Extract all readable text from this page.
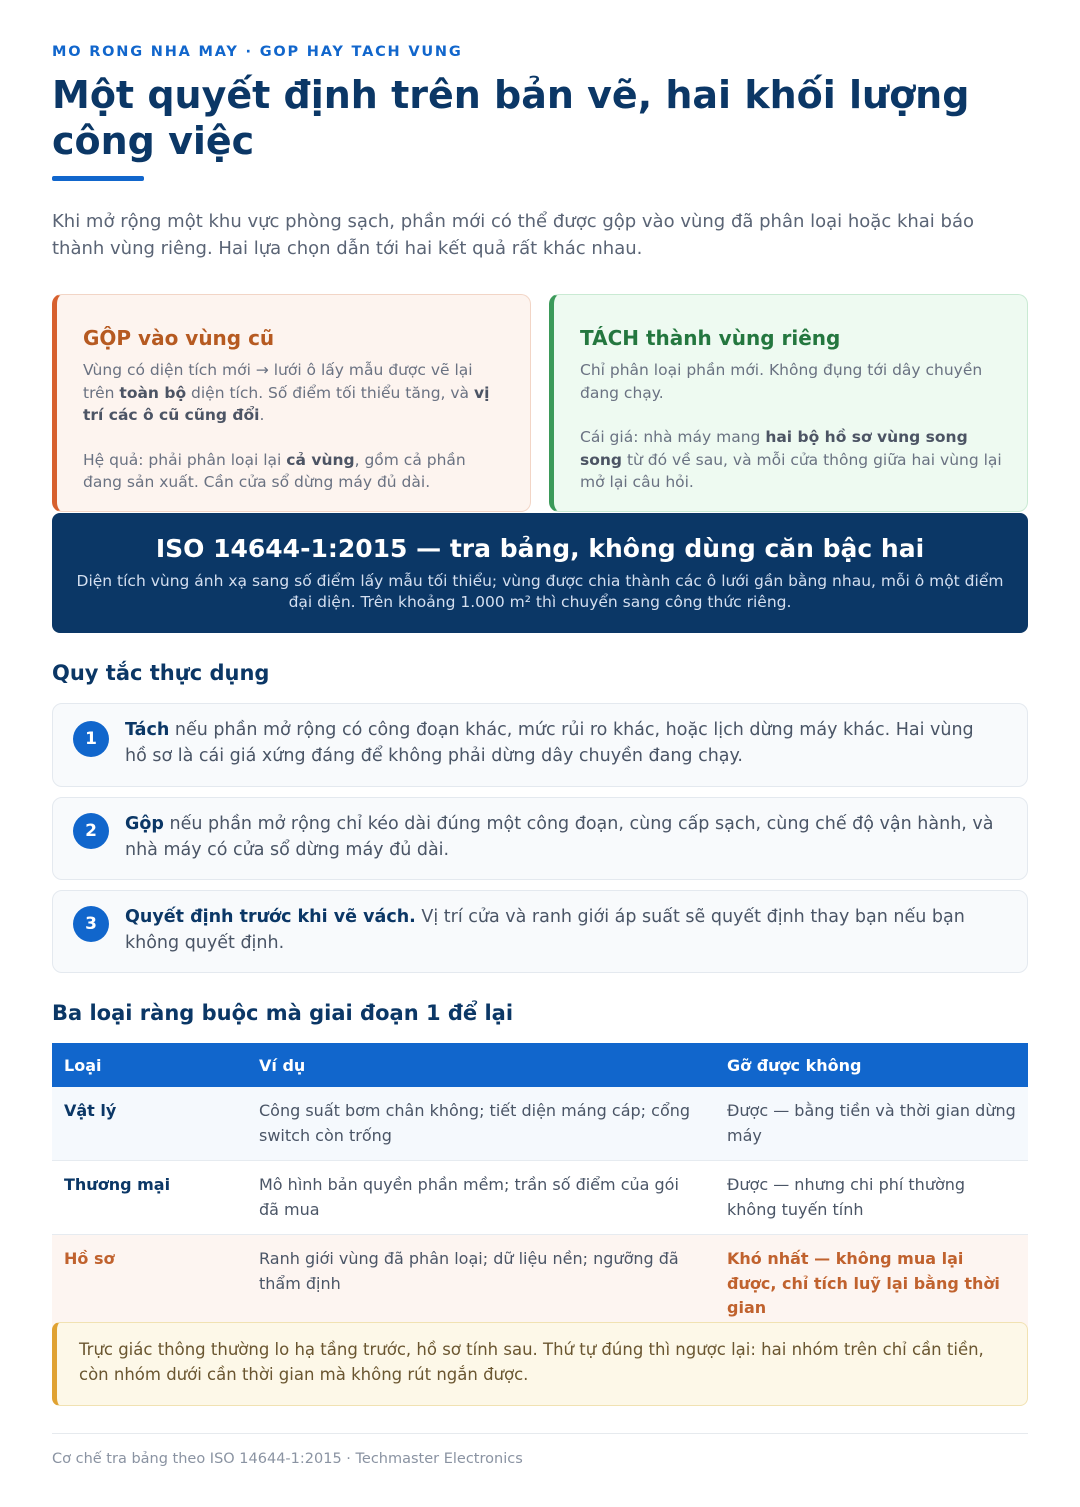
MO RONG NHA MAY · GOP HAY TACH VUNG
Một quyết định trên bản vẽ, hai khối lượng công việc

Khi mở rộng một khu vực phòng sạch, phần mới có thể được gộp vào vùng đã phân loại hoặc khai báo thành vùng riêng. Hai lựa chọn dẫn tới hai kết quả rất khác nhau.

GỘP vào vùng cũ

Vùng có diện tích mới → lưới ô lấy mẫu được vẽ lại trên toàn bộ diện tích. Số điểm tối thiểu tăng, và vị trí các ô cũ cũng đổi.

Hệ quả: phải phân loại lại cả vùng, gồm cả phần đang sản xuất. Cần cửa sổ dừng máy đủ dài.

TÁCH thành vùng riêng

Chỉ phân loại phần mới. Không đụng tới dây chuyền đang chạy.

Cái giá: nhà máy mang hai bộ hồ sơ vùng song song từ đó về sau, và mỗi cửa thông giữa hai vùng lại mở lại câu hỏi.

ISO 14644-1:2015 — tra bảng, không dùng căn bậc hai

Diện tích vùng ánh xạ sang số điểm lấy mẫu tối thiểu; vùng được chia thành các ô lưới gần bằng nhau, mỗi ô một điểm đại diện. Trên khoảng 1.000 m² thì chuyển sang công thức riêng.

Quy tắc thực dụng
1	Tách nếu phần mở rộng có công đoạn khác, mức rủi ro khác, hoặc lịch dừng máy khác. Hai vùng hồ sơ là cái giá xứng đáng để không phải dừng dây chuyền đang chạy.

2	Gộp nếu phần mở rộng chỉ kéo dài đúng một công đoạn, cùng cấp sạch, cùng chế độ vận hành, và nhà máy có cửa sổ dừng máy đủ dài.

3	Quyết định trước khi vẽ vách. Vị trí cửa và ranh giới áp suất sẽ quyết định thay bạn nếu bạn không quyết định.

Ba loại ràng buộc mà giai đoạn 1 để lại
Loại	Ví dụ	Gỡ được không
Vật lý	Công suất bơm chân không; tiết diện máng cáp; cổng switch còn trống	Được — bằng tiền và thời gian dừng máy
Thương mại	Mô hình bản quyền phần mềm; trần số điểm của gói đã mua	Được — nhưng chi phí thường không tuyến tính
Hồ sơ	Ranh giới vùng đã phân loại; dữ liệu nền; ngưỡng đã thẩm định	Khó nhất — không mua lại được, chỉ tích luỹ lại bằng thời gian
Trực giác thông thường lo hạ tầng trước, hồ sơ tính sau. Thứ tự đúng thì ngược lại: hai nhóm trên chỉ cần tiền, còn nhóm dưới cần thời gian mà không rút ngắn được.
Cơ chế tra bảng theo ISO 14644-1:2015 · Techmaster Electronics
